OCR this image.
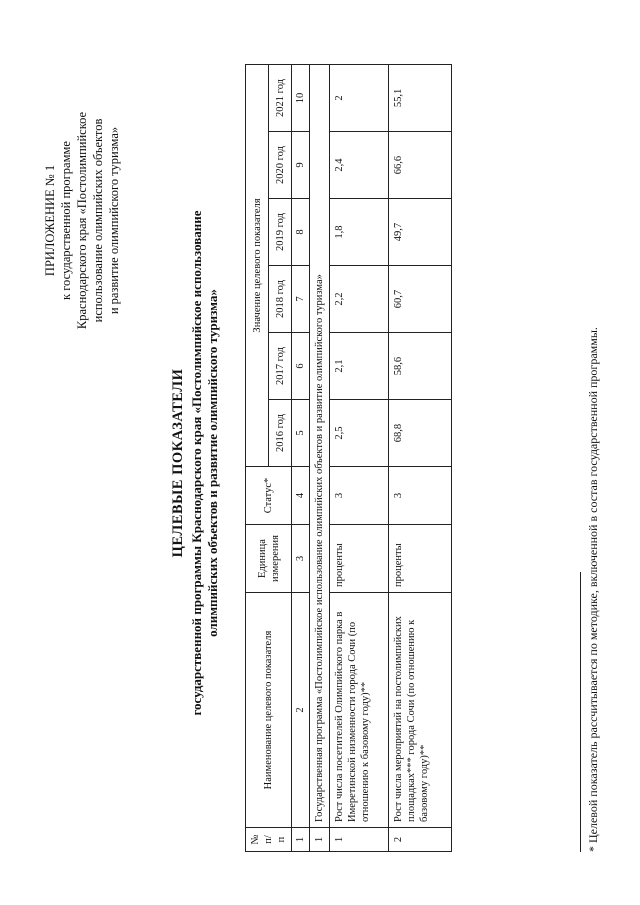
ПРИЛОЖЕНИЕ № 1 к государственной программе Краснодарского края «Постолимпийское использование олимпийских объектов и развитие олимпийского туризма»
ЦЕЛЕВЫЕ ПОКАЗАТЕЛИ государственной программы Краснодарского края «Постолимпийское использование олимпийских объектов и развитие олимпийского туризма»
№ п/п	Наименование целевого показателя	Единица измерения	Статус*	Значение целевого показателя					
				2016 год	2017 год	2018 год	2019 год	2020 год	2021 год
1	2	3	4	5	6	7	8	9	10
1	Государственная программа «Постолимпийское использование олимпийских объектов и развитие олимпийского туризма»								
1	Рост числа посетителей Олимпийского парка в Имеретинской низменности города Сочи (по отношению к базовому году)**	проценты	3	2,5	2,1	2,2	1,8	2,4	2
2	Рост числа мероприятий на постолимпийских площадках*** города Сочи (по отношению к базовому году)**	проценты	3	68,8	58,6	60,7	49,7	66,6	55,1
* Целевой показатель рассчитывается по методике, включенной в состав государственной программы.
